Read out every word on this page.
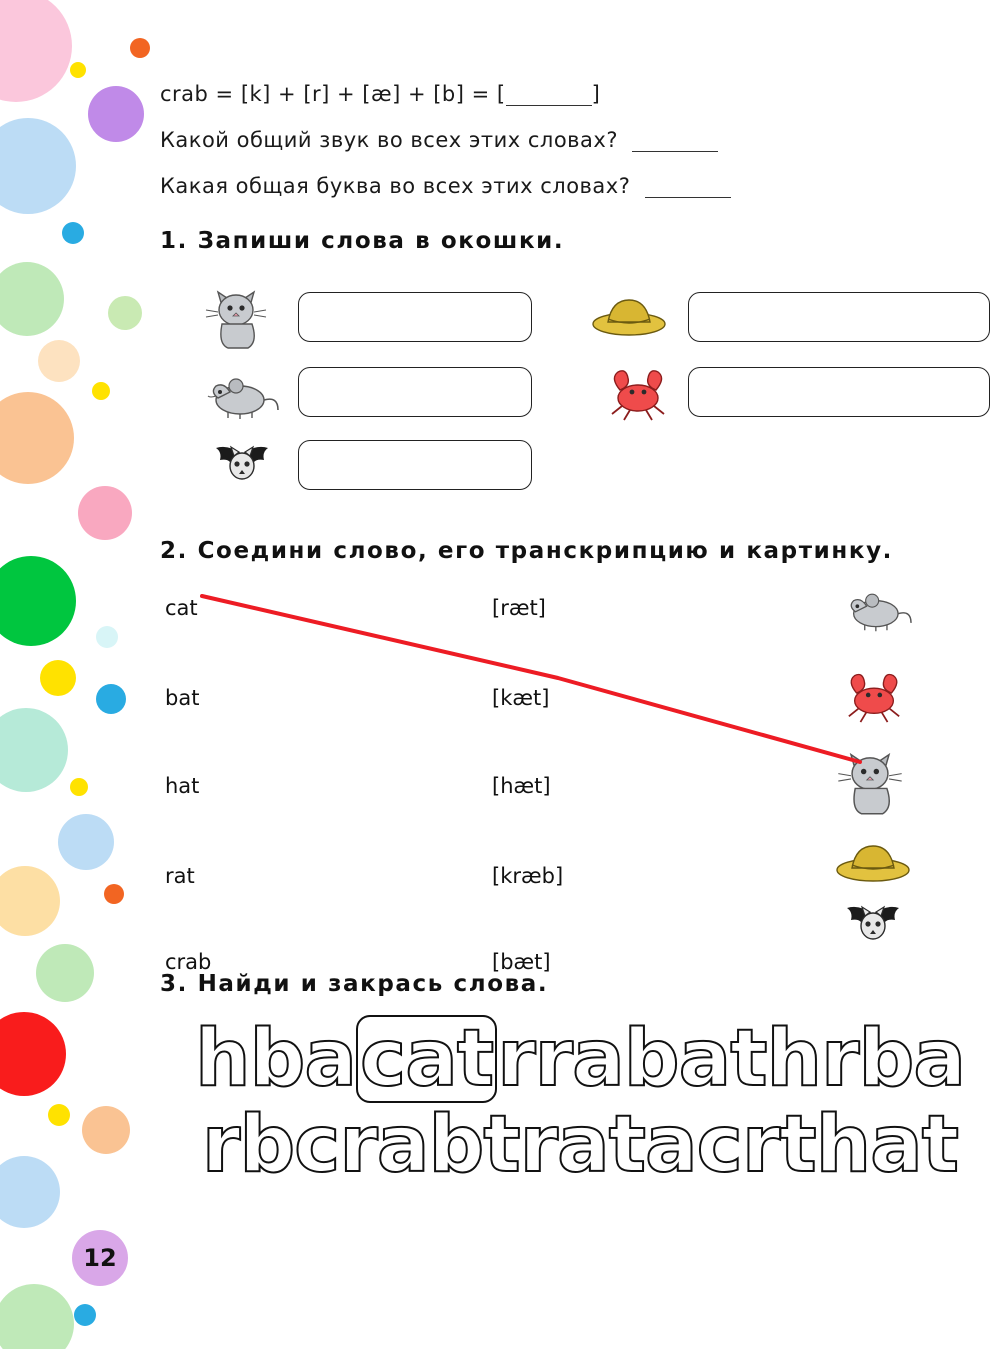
crab = [k] + [r] + [æ] + [b] = [	]
Какой общий звук во всех этих словах?
Какая общая буква во всех этих словах?
1. Запиши слова в окошки.
2. Соедини слово, его транскрипцию и картинку.
cat
bat
hat
rat
crab
[ræt]
[kæt]
[hæt]
[kræb]
[bæt]
3. Найди и закрась слова.
hbacatrrabathrba
rbcrabtratacrthat
12
